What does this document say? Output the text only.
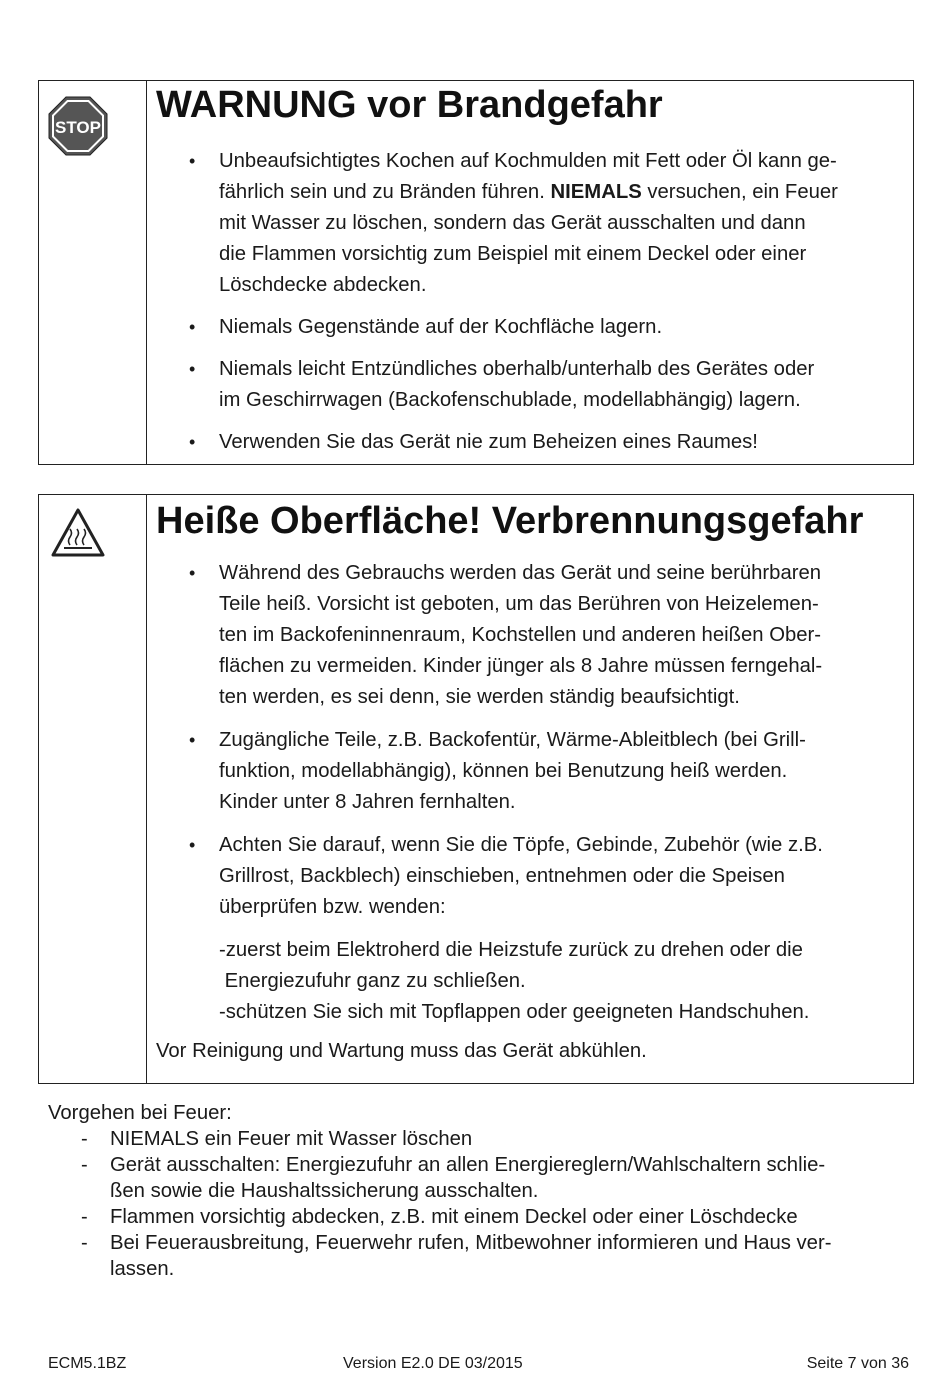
STOP
WARNUNG vor Brandgefahr
• Unbeaufsichtigtes Kochen auf Kochmulden mit Fett oder Öl kann ge-
fährlich sein und zu Bränden führen. NIEMALS versuchen, ein Feuer
mit Wasser zu löschen, sondern das Gerät ausschalten und dann
die Flammen vorsichtig zum Beispiel mit einem Deckel oder einer
Löschdecke abdecken.
• Niemals Gegenstände auf der Kochfläche lagern.
• Niemals leicht Entzündliches oberhalb/unterhalb des Gerätes oder
im Geschirrwagen (Backofenschublade, modellabhängig) lagern.
• Verwenden Sie das Gerät nie zum Beheizen eines Raumes!
Heiße Oberfläche! Verbrennungsgefahr
• Während des Gebrauchs werden das Gerät und seine berührbaren
Teile heiß. Vorsicht ist geboten, um das Berühren von Heizelemen-
ten im Backofeninnenraum, Kochstellen und anderen heißen Ober-
flächen zu vermeiden. Kinder jünger als 8 Jahre müssen ferngehal-
ten werden, es sei denn, sie werden ständig beaufsichtigt.
• Zugängliche Teile, z.B. Backofentür, Wärme-Ableitblech (bei Grill-
funktion, modellabhängig), können bei Benutzung heiß werden.
Kinder unter 8 Jahren fernhalten.
• Achten Sie darauf, wenn Sie die Töpfe, Gebinde, Zubehör (wie z.B.
Grillrost, Backblech) einschieben, entnehmen oder die Speisen
überprüfen bzw. wenden:
-zuerst beim Elektroherd die Heizstufe zurück zu drehen oder die
Energiezufuhr ganz zu schließen.
-schützen Sie sich mit Topflappen oder geeigneten Handschuhen.
Vor Reinigung und Wartung muss das Gerät abkühlen.
Vorgehen bei Feuer:
- NIEMALS ein Feuer mit Wasser löschen
- Gerät ausschalten: Energiezufuhr an allen Energiereglern/Wahlschaltern schlie-
ßen sowie die Haushaltssicherung ausschalten.
- Flammen vorsichtig abdecken, z.B. mit einem Deckel oder einer Löschdecke
- Bei Feuerausbreitung, Feuerwehr rufen, Mitbewohner informieren und Haus ver-
lassen.
ECM5.1BZ	Version E2.0 DE 03/2015	Seite 7 von 36
